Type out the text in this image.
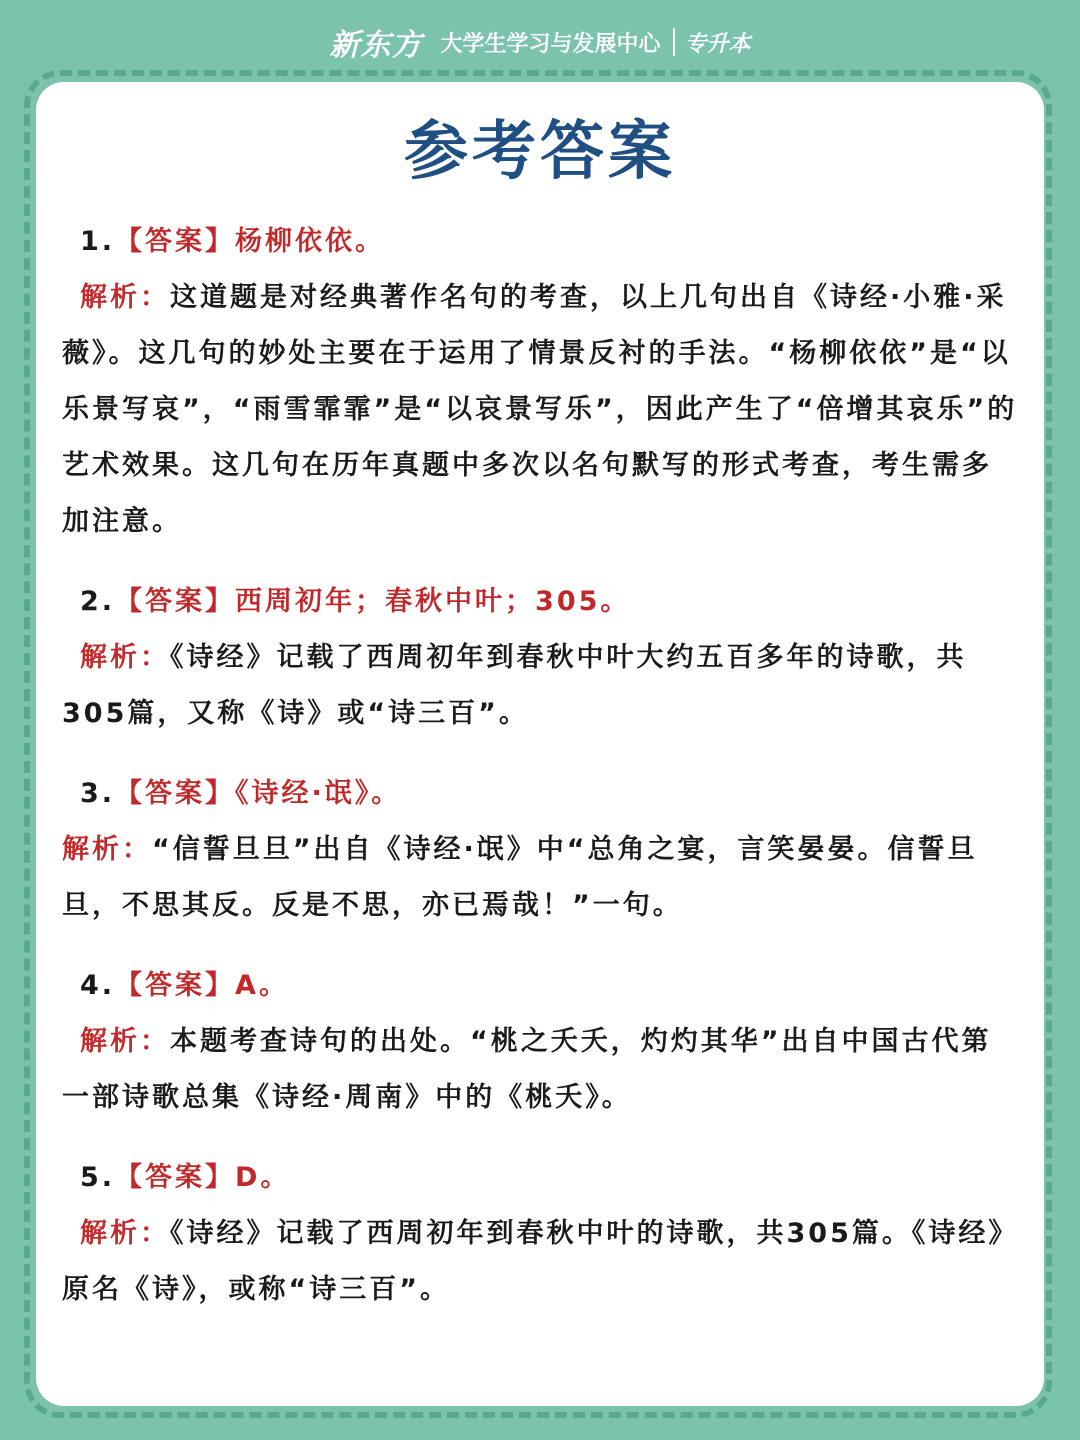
新东方 大学生学习与发展中心 专升本
参考答案
1.【答案】杨柳依依。
解析：这道题是对经典著作名句的考查，以上几句出自《诗经·小雅·采薇》。这几句的妙处主要在于运用了情景反衬的手法。“杨柳依依”是“以乐景写哀”，“雨雪霏霏”是“以哀景写乐”，因此产生了“倍增其哀乐”的艺术效果。这几句在历年真题中多次以名句默写的形式考查，考生需多加注意。
2.【答案】西周初年；春秋中叶；305。
解析：《诗经》记载了西周初年到春秋中叶大约五百多年的诗歌，共305篇，又称《诗》或“诗三百”。
3.【答案】《诗经·氓》。
解析：“信誓旦旦”出自《诗经·氓》中“总角之宴，言笑晏晏。信誓旦旦，不思其反。反是不思，亦已焉哉！”一句。
4.【答案】A。
解析：本题考查诗句的出处。“桃之夭夭，灼灼其华”出自中国古代第一部诗歌总集《诗经·周南》中的《桃夭》。
5.【答案】D。
解析：《诗经》记载了西周初年到春秋中叶的诗歌，共305篇。《诗经》原名《诗》，或称“诗三百”。
